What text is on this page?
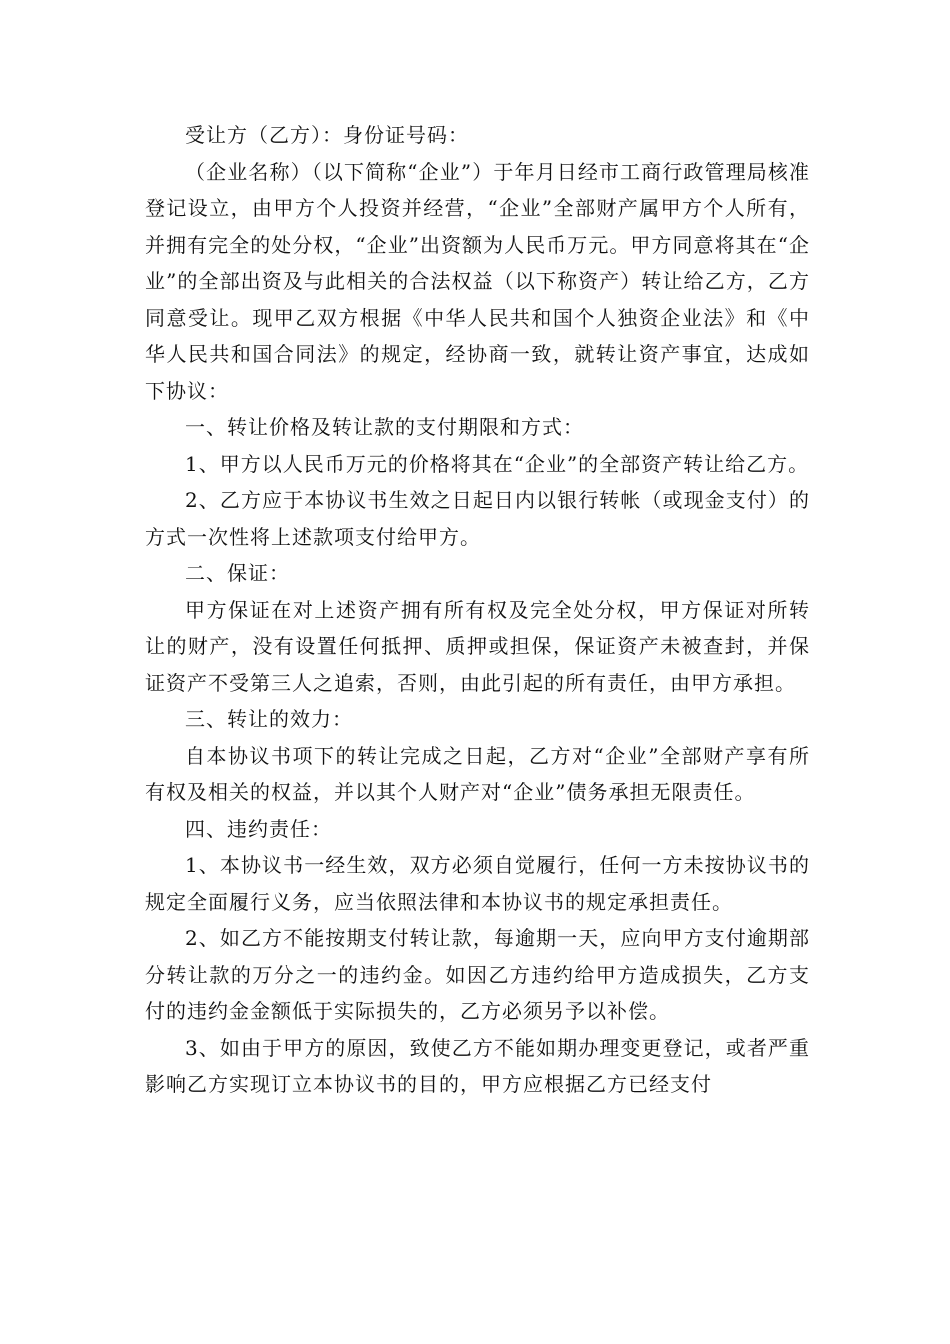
受让方（乙方）：身份证号码：

（企业名称）（以下简称“企业”）于年月日经市工商行政管理局核准登记设立，由甲方个人投资并经营，“企业”全部财产属甲方个人所有，并拥有完全的处分权，“企业”出资额为人民币万元。甲方同意将其在“企业”的全部出资及与此相关的合法权益（以下称资产）转让给乙方，乙方同意受让。现甲乙双方根据《中华人民共和国个人独资企业法》和《中华人民共和国合同法》的规定，经协商一致，就转让资产事宜，达成如下协议：

一、转让价格及转让款的支付期限和方式：

1、甲方以人民币万元的价格将其在“企业”的全部资产转让给乙方。

2、乙方应于本协议书生效之日起日内以银行转帐（或现金支付）的方式一次性将上述款项支付给甲方。

二、保证：

甲方保证在对上述资产拥有所有权及完全处分权，甲方保证对所转让的财产，没有设置任何抵押、质押或担保，保证资产未被查封，并保证资产不受第三人之追索，否则，由此引起的所有责任，由甲方承担。

三、转让的效力：

自本协议书项下的转让完成之日起，乙方对“企业”全部财产享有所有权及相关的权益，并以其个人财产对“企业”债务承担无限责任。

四、违约责任：

1、本协议书一经生效，双方必须自觉履行，任何一方未按协议书的规定全面履行义务，应当依照法律和本协议书的规定承担责任。

2、如乙方不能按期支付转让款，每逾期一天，应向甲方支付逾期部分转让款的万分之一的违约金。如因乙方违约给甲方造成损失，乙方支付的违约金金额低于实际损失的，乙方必须另予以补偿。

3、如由于甲方的原因，致使乙方不能如期办理变更登记，或者严重影响乙方实现订立本协议书的目的，甲方应根据乙方已经支付
